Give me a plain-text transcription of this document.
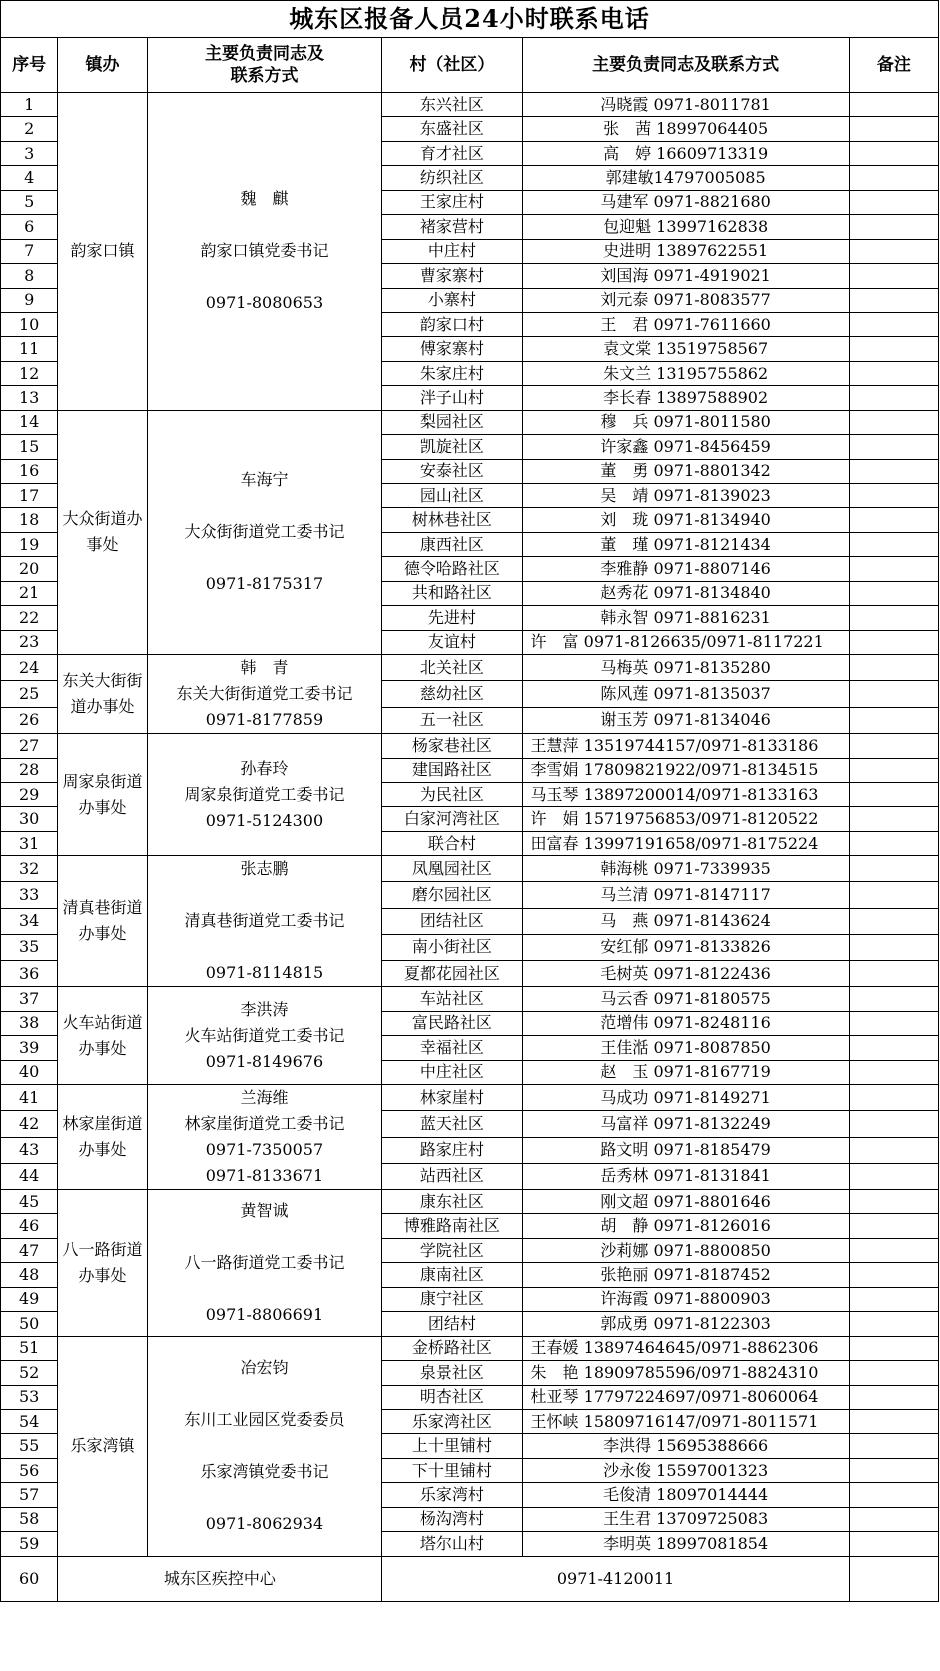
城东区报备人员24小时联系电话					
序号	镇办	主要负责同志及
联系方式	村（社区）	主要负责同志及联系方式	备注
1	韵家口镇	魏　麒

韵家口镇党委书记

0971-8080653	东兴社区	冯晓霞 0971-8011781	
2			东盛社区	张　茜 18997064405	
3			育才社区	高　婷 16609713319	
4			纺织社区	郭建敏14797005085	
5			王家庄村	马建军 0971-8821680	
6			褚家营村	包迎魁 13997162838	
7			中庄村	史进明 13897622551	
8			曹家寨村	刘国海 0971-4919021	
9			小寨村	刘元泰 0971-8083577	
10			韵家口村	王　君 0971-7611660	
11			傅家寨村	袁文棠 13519758567	
12			朱家庄村	朱文兰 13195755862	
13			泮子山村	李长春 13897588902	
14	大众街道办事处	车海宁

大众街街道党工委书记

0971-8175317	梨园社区	穆　兵 0971-8011580	
15			凯旋社区	许家鑫 0971-8456459	
16			安泰社区	董　勇 0971-8801342	
17			园山社区	吴　靖 0971-8139023	
18			树林巷社区	刘　珑 0971-8134940	
19			康西社区	董　瑾 0971-8121434	
20			德令哈路社区	李雅静 0971-8807146	
21			共和路社区	赵秀花 0971-8134840	
22			先进村	韩永智 0971-8816231	
23			友谊村	许　富 0971-8126635/0971-8117221	
24	东关大街街道办事处	韩　青
东关大街街道党工委书记
0971-8177859	北关社区	马梅英 0971-8135280	
25			慈幼社区	陈风莲 0971-8135037	
26			五一社区	谢玉芳 0971-8134046	
27	周家泉街道办事处	孙春玲
周家泉街道党工委书记
0971-5124300	杨家巷社区	王慧萍 13519744157/0971-8133186	
28			建国路社区	李雪娟 17809821922/0971-8134515	
29			为民社区	马玉琴 13897200014/0971-8133163	
30			白家河湾社区	许　娟 15719756853/0971-8120522	
31			联合村	田富春 13997191658/0971-8175224	
32	清真巷街道办事处	张志鹏

清真巷街道党工委书记

0971-8114815	凤凰园社区	韩海桃 0971-7339935	
33			磨尔园社区	马兰清 0971-8147117	
34			团结社区	马　燕 0971-8143624	
35			南小街社区	安红郁 0971-8133826	
36			夏都花园社区	毛树英 0971-8122436	
37	火车站街道办事处	李洪涛
火车站街道党工委书记
0971-8149676	车站社区	马云香 0971-8180575	
38			富民路社区	范增伟 0971-8248116	
39			幸福社区	王佳湉 0971-8087850	
40			中庄社区	赵　玉 0971-8167719	
41	林家崖街道办事处	兰海维
林家崖街道党工委书记
0971-7350057
0971-8133671	林家崖村	马成功 0971-8149271	
42			蓝天社区	马富祥 0971-8132249	
43			路家庄村	路文明 0971-8185479	
44			站西社区	岳秀林 0971-8131841	
45	八一路街道办事处	黄智诚

八一路街道党工委书记

0971-8806691	康东社区	刚文超 0971-8801646	
46			博雅路南社区	胡　静 0971-8126016	
47			学院社区	沙莉娜 0971-8800850	
48			康南社区	张艳丽 0971-8187452	
49			康宁社区	许海霞 0971-8800903	
50			团结村	郭成勇 0971-8122303	
51	乐家湾镇	冶宏钧

东川工业园区党委委员

乐家湾镇党委书记

0971-8062934	金桥路社区	王春媛 13897464645/0971-8862306	
52			泉景社区	朱　艳 18909785596/0971-8824310	
53			明杏社区	杜亚琴 17797224697/0971-8060064	
54			乐家湾社区	王怀峡 15809716147/0971-8011571	
55			上十里铺村	李洪得 15695388666	
56			下十里铺村	沙永俊 15597001323	
57			乐家湾村	毛俊清 18097014444	
58			杨沟湾村	王生君 13709725083	
59			塔尔山村	李明英 18997081854	
60	城东区疾控中心		0971-4120011		
